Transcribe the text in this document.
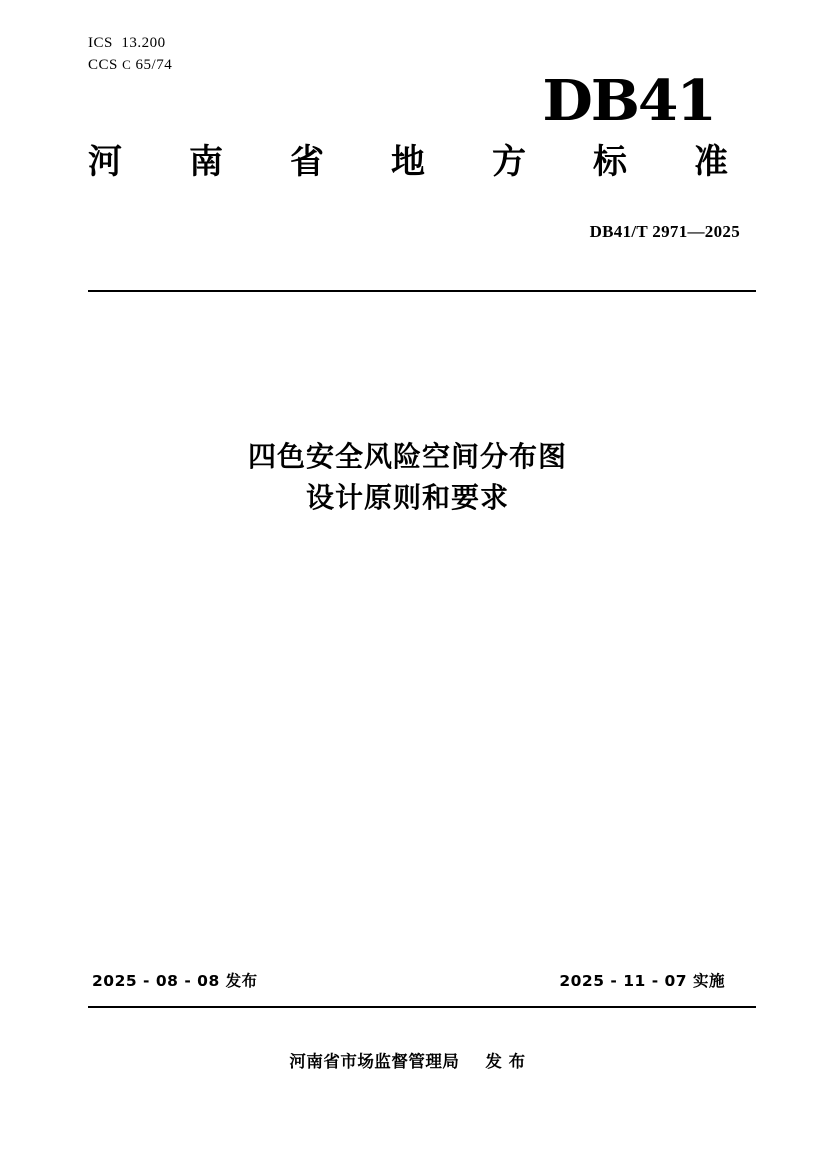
ICS 13.200
CCS C 65/74
DB41
河 南 省 地 方 标 准
DB41/T 2971—2025
四色安全风险空间分布图
设计原则和要求
2025 - 08 - 08 发布	2025 - 11 - 07 实施
河南省市场监督管理局 发 布
